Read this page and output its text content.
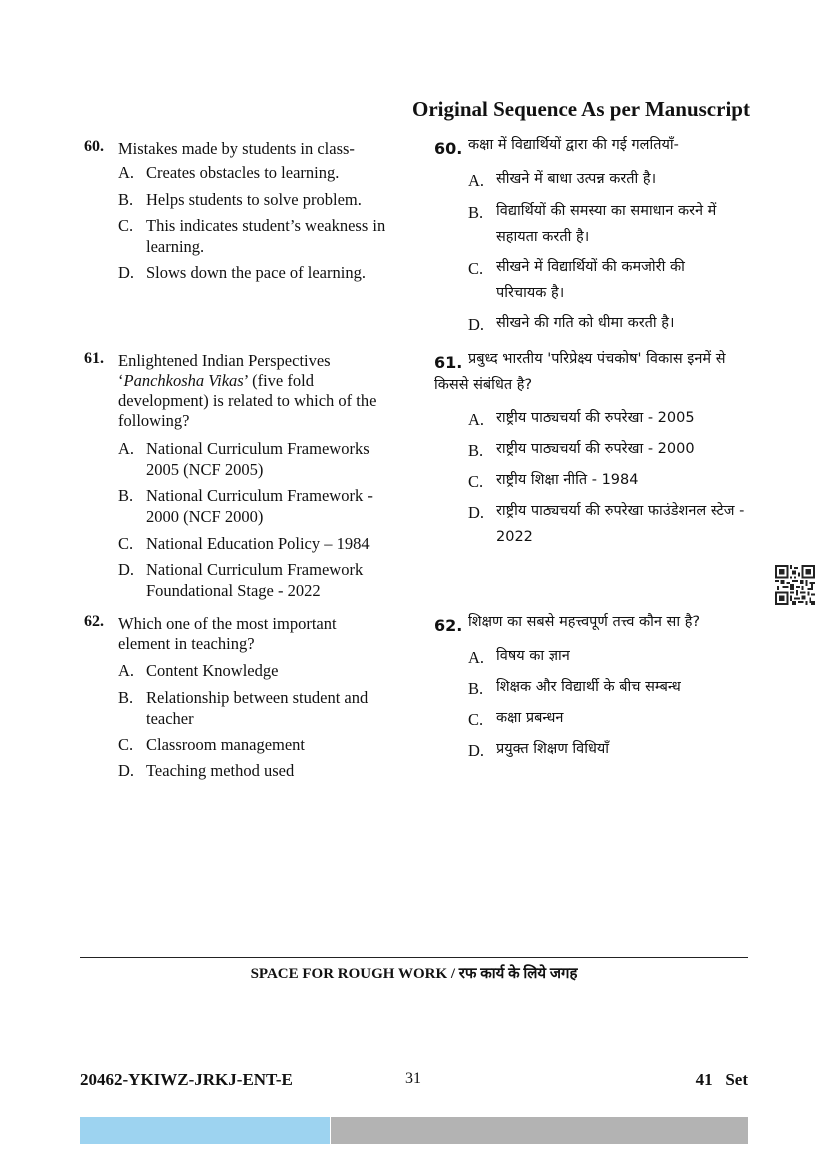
Original Sequence As per Manuscript
60. Mistakes made by students in class-
A. Creates obstacles to learning.
B. Helps students to solve problem.
C. This indicates student’s weakness in learning.
D. Slows down the pace of learning.
61. Enlightened Indian Perspectives ‘Panchkosha Vikas’ (five fold development) is related to which of the following?
A. National Curriculum Frameworks 2005 (NCF 2005)
B. National Curriculum Framework - 2000 (NCF 2000)
C. National Education Policy – 1984
D. National Curriculum Framework Foundational Stage - 2022
62. Which one of the most important element in teaching?
A. Content Knowledge
B. Relationship between student and teacher
C. Classroom management
D. Teaching method used
60. कक्षा में विद्यार्थियों द्वारा की गई गलतियाँ-
A. सीखने में बाधा उत्पन्न करती है।
B. विद्यार्थियों की समस्या का समाधान करने में सहायता करती है।
C. सीखने में विद्यार्थियों की कमजोरी की परिचायक है।
D. सीखने की गति को धीमा करती है।
61. प्रबुध्द भारतीय 'परिप्रेक्ष्य पंचकोष' विकास इनमें से किससे संबंधित है?
A. राष्ट्रीय पाठ्यचर्या की रुपरेखा - 2005
B. राष्ट्रीय पाठ्यचर्या की रुपरेखा - 2000
C. राष्ट्रीय शिक्षा नीति - 1984
D. राष्ट्रीय पाठ्यचर्या की रुपरेखा फाउंडेशनल स्टेज - 2022
62. शिक्षण का सबसे महत्त्वपूर्ण तत्त्व कौन सा है?
A. विषय का ज्ञान
B. शिक्षक और विद्यार्थी के बीच सम्बन्ध
C. कक्षा प्रबन्धन
D. प्रयुक्त शिक्षण विधियाँ
SPACE FOR ROUGH WORK / रफ कार्य के लिये जगह
20462-YKIWZ-JRKJ-ENT-E	31	41   Set
